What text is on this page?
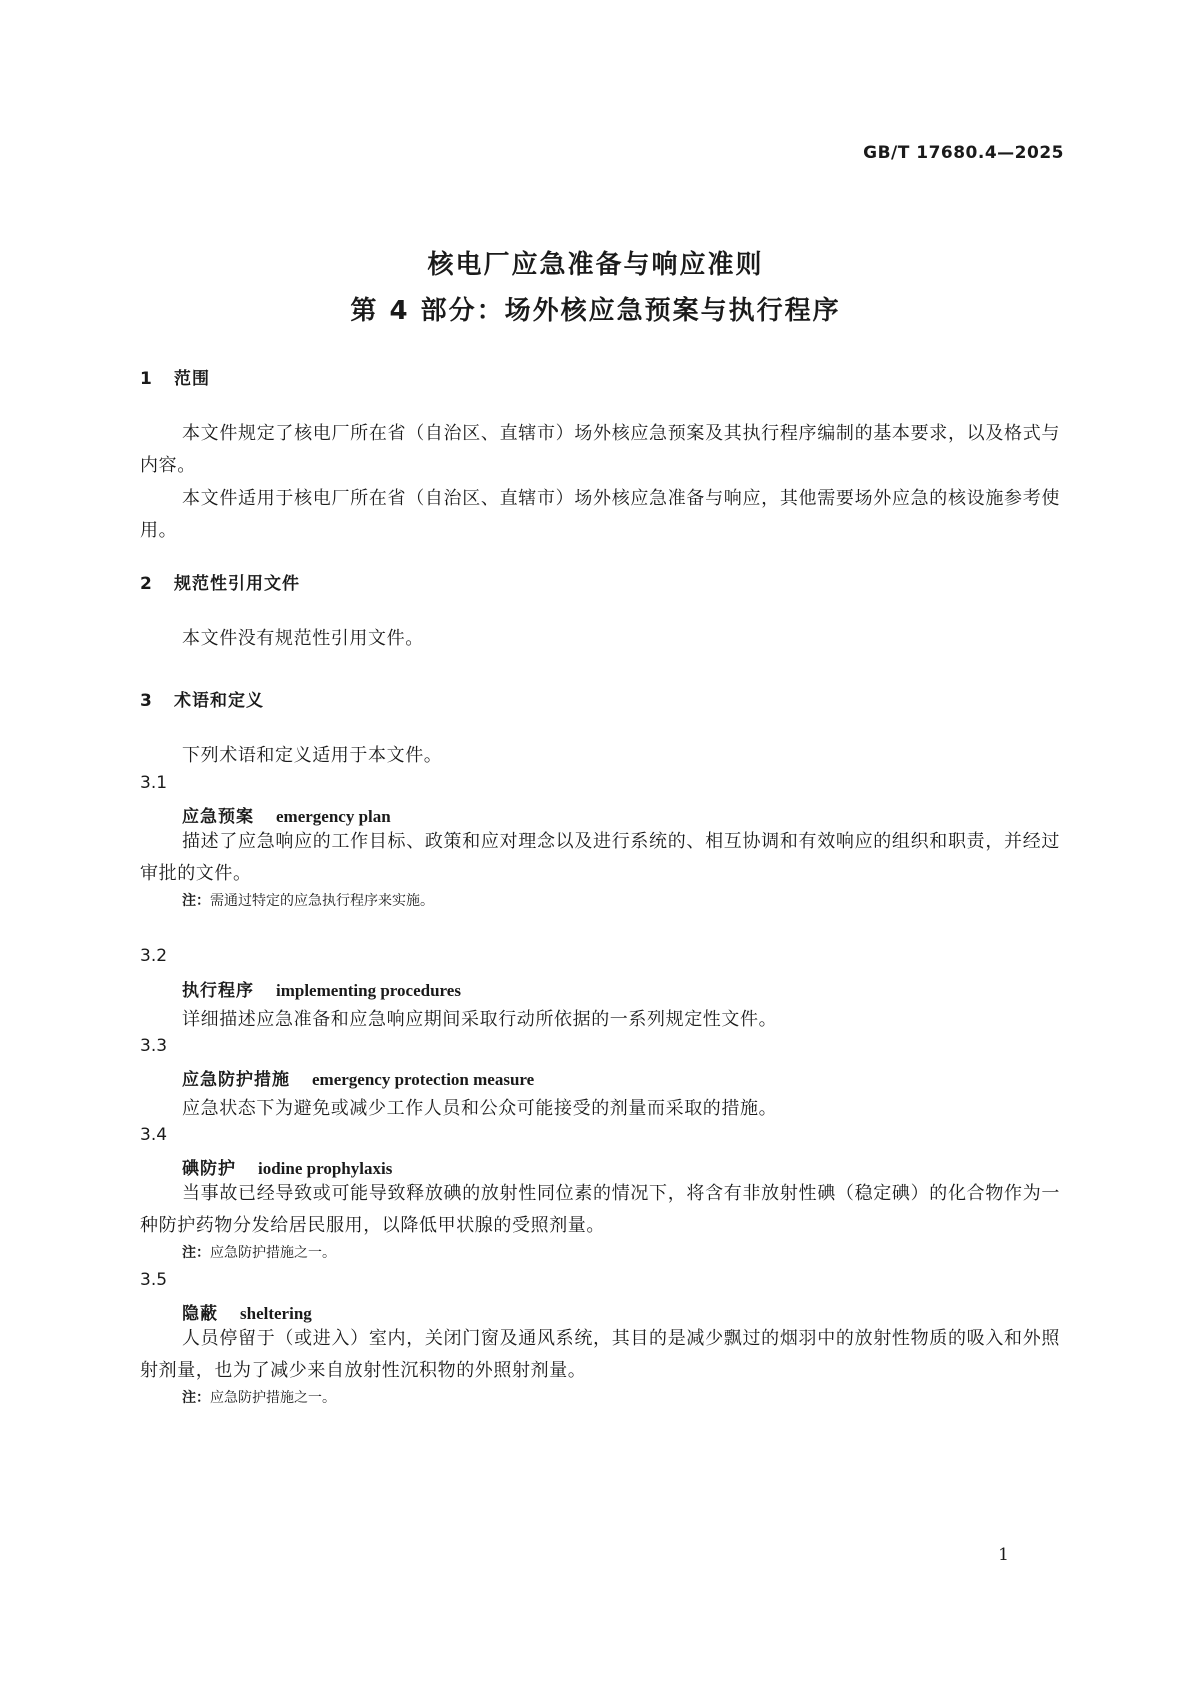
GB/T 17680.4—2025
核电厂应急准备与响应准则
第 4 部分：场外核应急预案与执行程序
1 范围

本文件规定了核电厂所在省（自治区、直辖市）场外核应急预案及其执行程序编制的基本要求，以及格式与内容。

本文件适用于核电厂所在省（自治区、直辖市）场外核应急准备与响应，其他需要场外应急的核设施参考使用。

2 规范性引用文件
本文件没有规范性引用文件。
3 术语和定义
下列术语和定义适用于本文件。
3.1
应急预案 emergency plan

描述了应急响应的工作目标、政策和应对理念以及进行系统的、相互协调和有效响应的组织和职责，并经过审批的文件。

注：需通过特定的应急执行程序来实施。
3.2
执行程序 implementing procedures
详细描述应急准备和应急响应期间采取行动所依据的一系列规定性文件。
3.3
应急防护措施 emergency protection measure
应急状态下为避免或减少工作人员和公众可能接受的剂量而采取的措施。
3.4
碘防护 iodine prophylaxis

当事故已经导致或可能导致释放碘的放射性同位素的情况下，将含有非放射性碘（稳定碘）的化合物作为一种防护药物分发给居民服用，以降低甲状腺的受照剂量。

注：应急防护措施之一。
3.5
隐蔽 sheltering

人员停留于（或进入）室内，关闭门窗及通风系统，其目的是减少飘过的烟羽中的放射性物质的吸入和外照射剂量，也为了减少来自放射性沉积物的外照射剂量。

注：应急防护措施之一。
1
